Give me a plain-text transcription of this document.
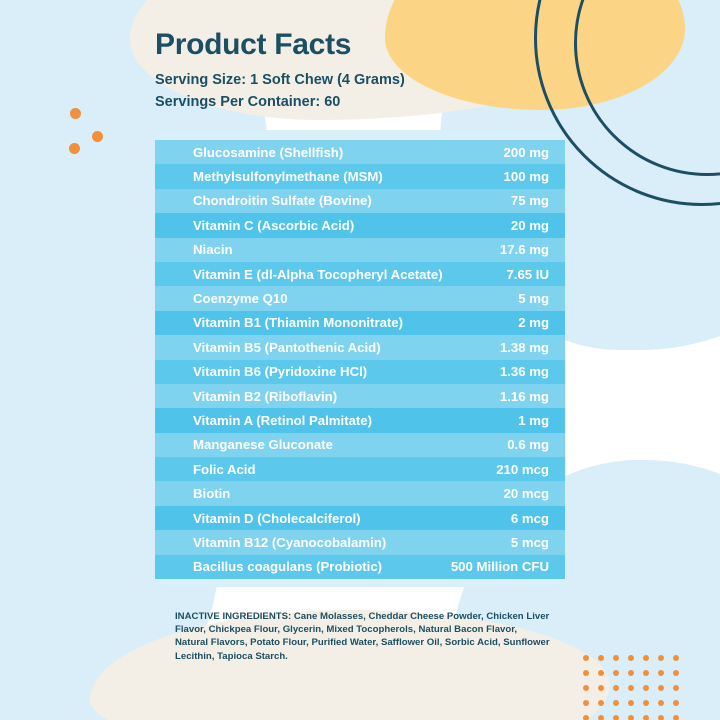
Product Facts
Serving Size: 1 Soft Chew (4 Grams)
Servings Per Container: 60
Glucosamine (Shellfish)	200 mg
Methylsulfonylmethane (MSM)	100 mg
Chondroitin Sulfate (Bovine)	75 mg
Vitamin C (Ascorbic Acid)	20 mg
Niacin	17.6 mg
Vitamin E (dl-Alpha Tocopheryl Acetate)	7.65 IU
Coenzyme Q10	5 mg
Vitamin B1 (Thiamin Mononitrate)	2 mg
Vitamin B5 (Pantothenic Acid)	1.38 mg
Vitamin B6 (Pyridoxine HCl)	1.36 mg
Vitamin B2 (Riboflavin)	1.16 mg
Vitamin A (Retinol Palmitate)	1 mg
Manganese Gluconate	0.6 mg
Folic Acid	210 mcg
Biotin	20 mcg
Vitamin D (Cholecalciferol)	6 mcg
Vitamin B12 (Cyanocobalamin)	5 mcg
Bacillus coagulans (Probiotic)	500 Million CFU
INACTIVE INGREDIENTS: Cane Molasses, Cheddar Cheese Powder, Chicken Liver Flavor, Chickpea Flour, Glycerin, Mixed Tocopherols, Natural Bacon Flavor, Natural Flavors, Potato Flour, Purified Water, Safflower Oil, Sorbic Acid, Sunflower Lecithin, Tapioca Starch.
